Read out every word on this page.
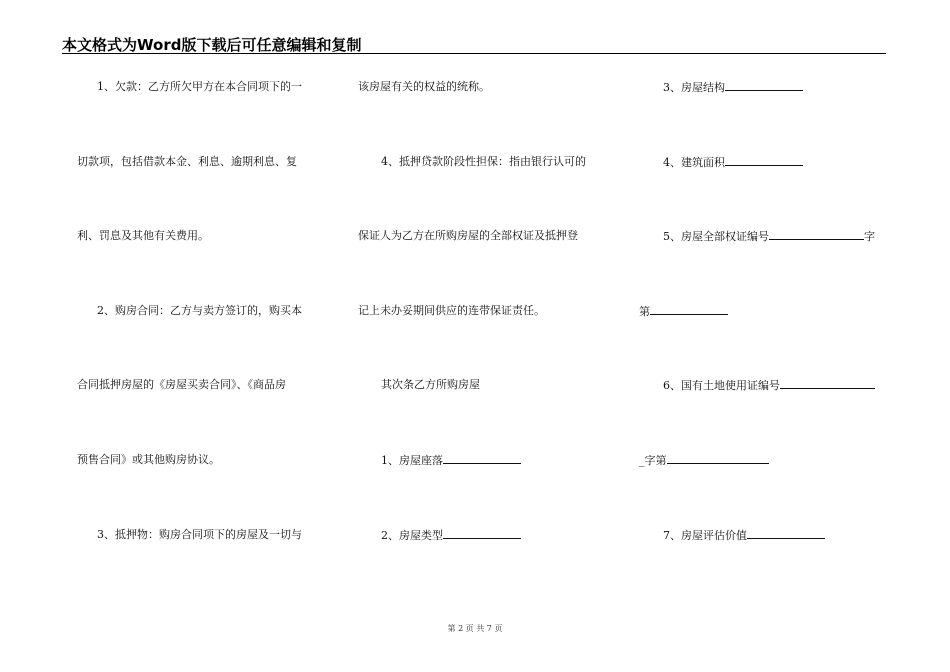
本文格式为Word版下载后可任意编辑和复制
1、欠款：乙方所欠甲方在本合同项下的一
切款项，包括借款本金、利息、逾期利息、复
利、罚息及其他有关费用。
2、购房合同：乙方与卖方签订的，购买本
合同抵押房屋的《房屋买卖合同》、《商品房
预售合同》或其他购房协议。
3、抵押物：购房合同项下的房屋及一切与
该房屋有关的权益的统称。
4、抵押贷款阶段性担保：指由银行认可的
保证人为乙方在所购房屋的全部权证及抵押登
记上未办妥期间供应的连带保证责任。
其次条乙方所购房屋
1、房屋座落
2、房屋类型
3、房屋结构
4、建筑面积
5、房屋全部权证编号	字
第
6、国有土地使用证编号
_字第
7、房屋评估价值
第 2 页 共 7 页
